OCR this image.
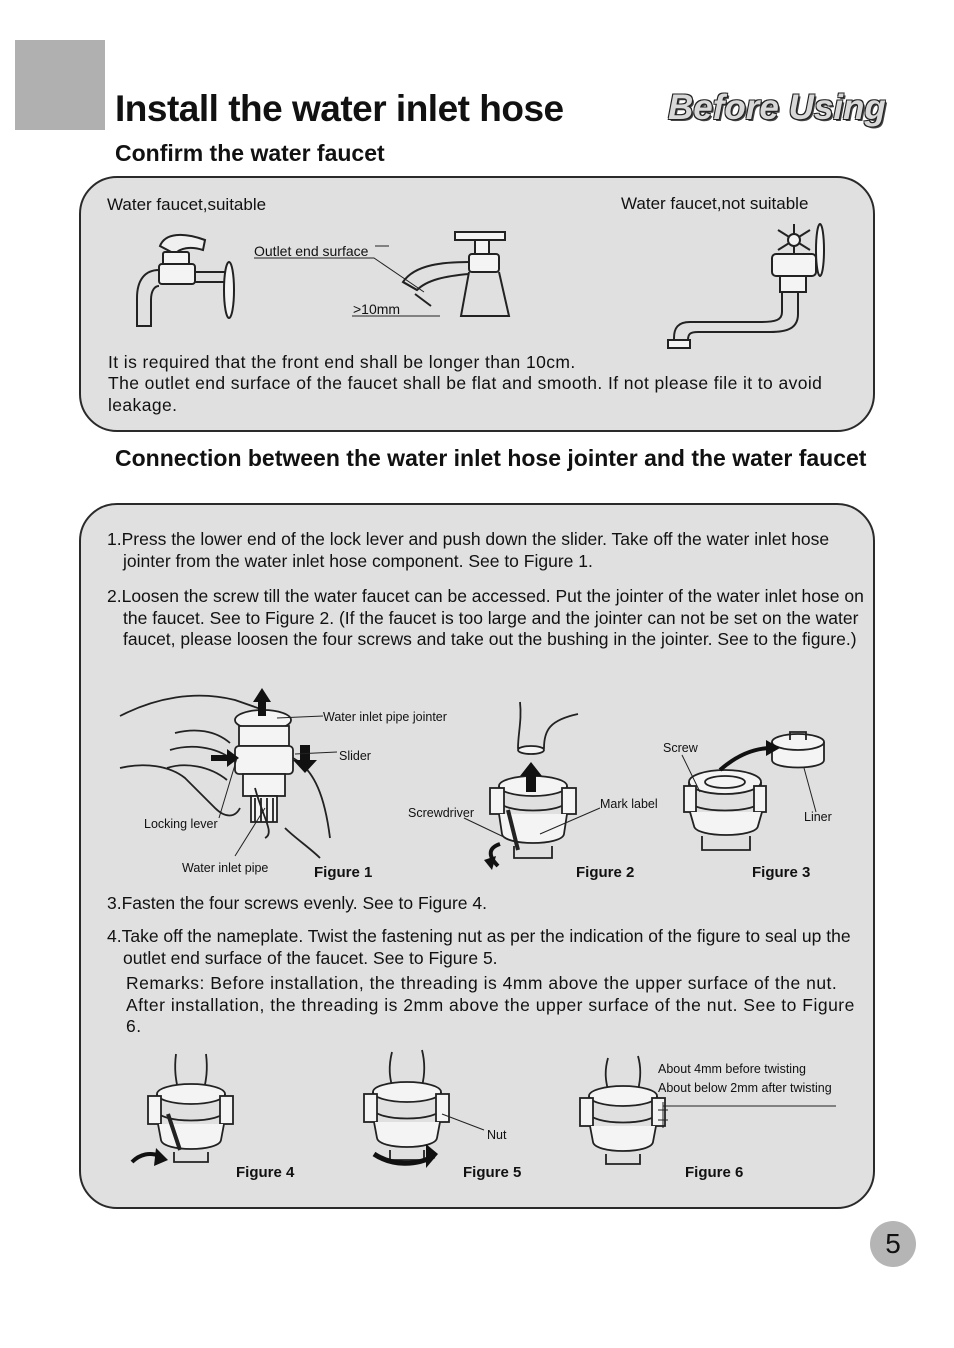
Install the water inlet hose	Before Using
Confirm the water faucet
Water faucet,suitable	Water faucet,not suitable
Outlet end surface
>10mm
It is required that the front end shall be longer than 10cm.
The outlet end surface of the faucet shall be flat and smooth. If not please file it to avoid leakage.
Connection between the water inlet hose jointer and the water faucet
1.Press the lower end of the lock lever and push down the slider. Take off the water inlet hose jointer from the water inlet hose component. See to Figure 1.
2.Loosen the screw till the water faucet can be accessed. Put the jointer of the water inlet hose on the faucet. See to Figure 2. (If the faucet is too large and the jointer can not be set on the water faucet, please loosen the four screws and take out the bushing in the jointer. See to the figure.)
Water inlet pipe jointer
Slider
Locking lever
Water inlet pipe	Figure 1
Screwdriver
Mark label
Figure 2
Screw
Liner
Figure 3
3.Fasten the four screws evenly. See to Figure 4.
4.Take off the nameplate. Twist the fastening nut as per the indication of the figure to seal up the outlet end surface of the faucet. See to Figure 5.
Remarks: Before installation, the threading is 4mm above the upper surface of the nut. After installation, the threading is 2mm above the upper surface of the nut. See to Figure 6.
Figure 4
Nut
Figure 5
About 4mm before twisting
About below 2mm after twisting
Figure 6
5
